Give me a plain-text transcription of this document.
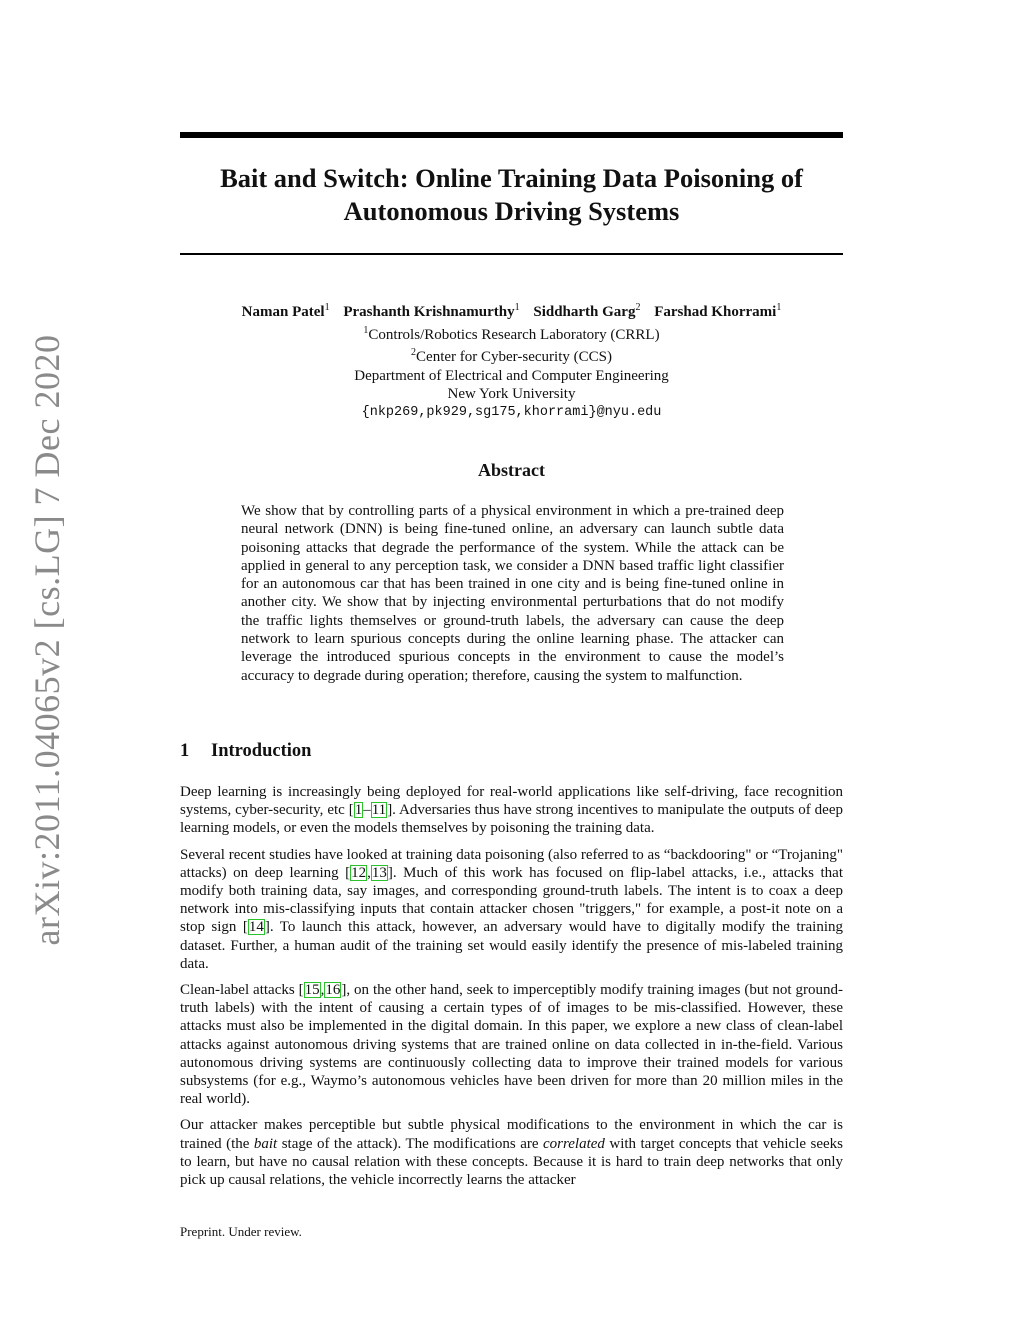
arXiv:2011.04065v2 [cs.LG] 7 Dec 2020
Bait and Switch: Online Training Data Poisoning of
Autonomous Driving Systems
Naman Patel$^1$ Prashanth Krishnamurthy$^1$ Siddharth Garg$^2$ Farshad Khorrami$^1$
$^1$Controls/Robotics Research Laboratory (CRRL)
$^2$Center for Cyber-security (CCS)
Department of Electrical and Computer Engineering
New York University
{nkp269,pk929,sg175,khorrami}@nyu.edu
Abstract

We show that by controlling parts of a physical environment in which a pre-trained deep neural network (DNN) is being fine-tuned online, an adversary can launch subtle data poisoning attacks that degrade the performance of the system. While the attack can be applied in general to any perception task, we consider a DNN based traffic light classifier for an autonomous car that has been trained in one city and is being fine-tuned online in another city. We show that by injecting environmental perturbations that do not modify the traffic lights themselves or ground-truth labels, the adversary can cause the deep network to learn spurious concepts during the online learning phase. The attacker can leverage the introduced spurious concepts in the environment to cause the model’s accuracy to degrade during operation; therefore, causing the system to malfunction.

1 Introduction

Deep learning is increasingly being deployed for real-world applications like self-driving, face recognition systems, cyber-security, etc [1–11]. Adversaries thus have strong incentives to manipulate the outputs of deep learning models, or even the models themselves by poisoning the training data.

Several recent studies have looked at training data poisoning (also referred to as “backdooring" or “Trojaning" attacks) on deep learning [12,13]. Much of this work has focused on flip-label attacks, i.e., attacks that modify both training data, say images, and corresponding ground-truth labels. The intent is to coax a deep network into mis-classifying inputs that contain attacker chosen "triggers," for example, a post-it note on a stop sign [14]. To launch this attack, however, an adversary would have to digitally modify the training dataset. Further, a human audit of the training set would easily identify the presence of mis-labeled training data.

Clean-label attacks [15,16], on the other hand, seek to imperceptibly modify training images (but not ground-truth labels) with the intent of causing a certain types of of images to be mis-classified. However, these attacks must also be implemented in the digital domain. In this paper, we explore a new class of clean-label attacks against autonomous driving systems that are trained online on data collected in in-the-field. Various autonomous driving systems are continuously collecting data to improve their trained models for various subsystems (for e.g., Waymo’s autonomous vehicles have been driven for more than 20 million miles in the real world).

Our attacker makes perceptible but subtle physical modifications to the environment in which the car is trained (the bait stage of the attack). The modifications are correlated with target concepts that vehicle seeks to learn, but have no causal relation with these concepts. Because it is hard to train deep networks that only pick up causal relations, the vehicle incorrectly learns the attacker

Preprint. Under review.
